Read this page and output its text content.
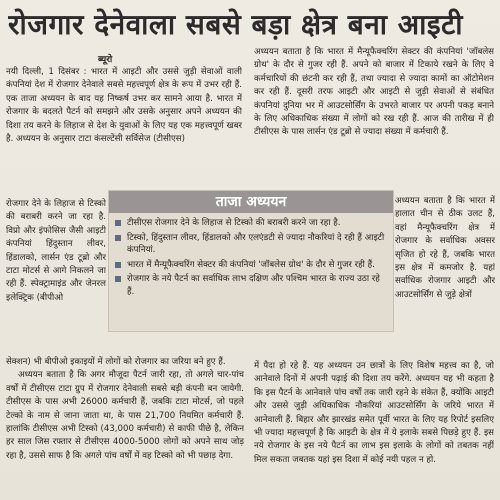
रोजगार देनेवाला सबसे बड़ा क्षेत्र बना आइटी
ब्यूरो

नयी दिल्ली, 1 दिसंबर : भारत में आइटी और उससे जुड़ी सेवाओं वाली कंपनियां देश में रोजगार देनेवाले सबसे महत्त्वपूर्ण क्षेत्र के रूप में उभर रही हैं. एक ताजा अध्ययन के बाद यह निष्कर्ष उभर कर सामने आया है. भारत में रोजगार के बदलते पैटर्न को समझने और उसके अनुसार अपने अध्ययन की दिशा तय करने के लिहाज से देश के युवाओं के लिए यह एक महत्त्वपूर्ण खबर है. अध्ययन के अनुसार टाटा कंसल्टेंसी सर्विसेज (टीसीएस)

अध्ययन बताता है कि भारत में मैन्यूफैक्चरिंग सेक्टर की कंपनियां 'जॉबलेस ग्रोथ' के दौर से गुजर रही हैं. अपने को बाजार में टिकाये रखने के लिए वे कर्मचारियों की छंटनी कर रही हैं, तथा ज्यादा से ज्यादा कामों का ऑटोमेशन कर रही हैं. दूसरी तरफ आइटी और आइटी से जुड़ी सेवाओं से संबंधित कंपनियां दुनिया भर में आउटसोर्सिंग के उभरते बाजार पर अपनी पकड़ बनाने के लिए अधिकाधिक संख्या में लोगों को रख रही हैं. आज की तारीख में ही टीसीएस के पास लार्सन एंड टूब्रो से ज्यादा संख्या में कर्मचारी हैं.

रोजगार देने के लिहाज से टिस्को की बराबरी करने जा रहा है. विप्रो और इंफोसिस जैसी आइटी कंपनियां हिंदुस्तान लीवर, हिंडालको, लार्सन एंड टूब्रो और टाटा मोटर्स से आगे निकलने जा रही हैं. स्पेक्ट्रामाइंड और जेनरल इलेक्ट्रिक (बीपीओ

अध्ययन बताता है कि भारत में हालात चीन से ठीक उलट हैं, वहां मैन्यूफैक्चरिंग क्षेत्र में रोजगार के सर्वाधिक अवसर सृजित हो रहे हैं, जबकि भारत इस क्षेत्र में कमजोर है. यहां सर्वाधिक रोजगार आइटी और आउटसोर्सिंग से जुड़े क्षेत्रों

ताजा अध्ययन
टीसीएस रोजगार देने के लिहाज से टिस्को की बराबरी करने जा रहा है.
टिस्को, हिंदुस्तान लीवर, हिंडालको और एलएंडटी से ज्यादा नौकरियां दे रही हैं आइटी कंपनियां.
भारत में मैन्यूफैक्चरिंग सेक्टर की कंपनियां 'जॉबलेस ग्रोथ' के दौर से गुजर रही हैं.
रोजगार के नये पैटर्न का सर्वाधिक लाभ दक्षिण और पश्चिम भारत के राज्य उठा रहे हैं.

सेक्शन) भी बीपीओ इकाइयों में लोगों को रोजगार का जरिया बने हुए हैं.

अध्ययन बताता है कि अगर मौजूदा पैटर्न जारी रहा, तो अगले चार-पांच वर्षों में टीसीएस टाटा ग्रुप में रोजगार देनेवाली सबसे बड़ी कंपनी बन जायेगी. टीसीएस के पास अभी 26000 कर्मचारी हैं, जबकि टाटा मोटर्स, जो पहले टेल्को के नाम से जाना जाता था, के पास 21,700 नियमित कर्मचारी हैं. हालांकि टीसीएस अभी टिस्को (43,000 कर्मचारी) से काफी पीछे है, लेकिन हर साल जिस रफ्तार से टीसीएस 4000-5000 लोगों को अपने साथ जोड़ रहा है, उससे साफ है कि अगले पांच वर्षों में वह टिस्को को भी पछाड़ देगा.

में पैदा हो रहे हैं. यह अध्ययन उन छात्रों के लिए विशेष महत्त्व का है, जो आनेवाले दिनों में अपनी पढ़ाई की दिशा तय करेंगे. अध्ययन यह भी कहता है कि इस पैटर्न के आनेवाले पांच वर्षों तक जारी रहने के संकेत हैं, क्योंकि आइटी और उससे जुड़ी अधिकाधिक नौकरियां आउटसोर्सिंग के जरिये भारत में आनेवाली हैं. बिहार और झारखंड समेत पूर्वी भारत के लिए यह रिपोर्ट इसलिए भी ज्यादा महत्त्वपूर्ण है कि आइटी के क्षेत्र में ये इलाके सबसे पिछड़े हुए हैं. इस नये रोजगार के इस नये पैटर्न का लाभ इस इलाके के लोगों को तबतक नहीं मिल सकता जबतक यहां इस दिशा में कोई नयी पहल न हो.
